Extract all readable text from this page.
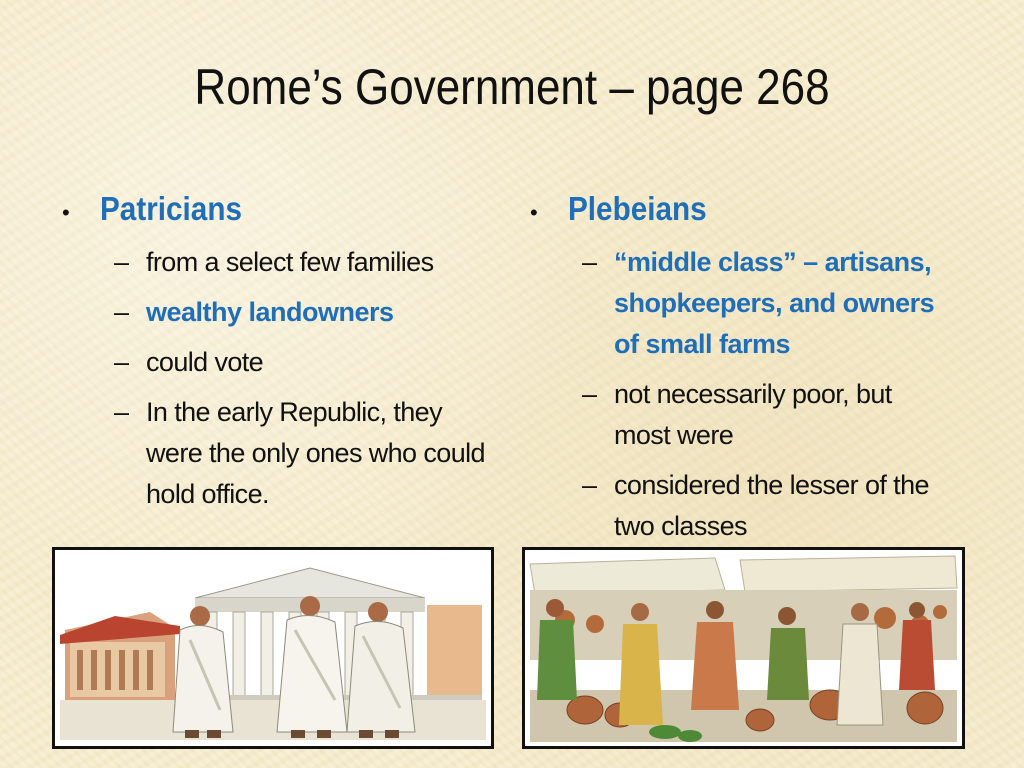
Rome’s Government – page 268
• Patricians
– from a select few families
– wealthy landowners
– could vote
– In the early Republic, they were the only ones who could hold office.
• Plebeians
– “middle class” – artisans, shopkeepers, and owners of small farms
– not necessarily poor, but most were
– considered the lesser of the two classes
